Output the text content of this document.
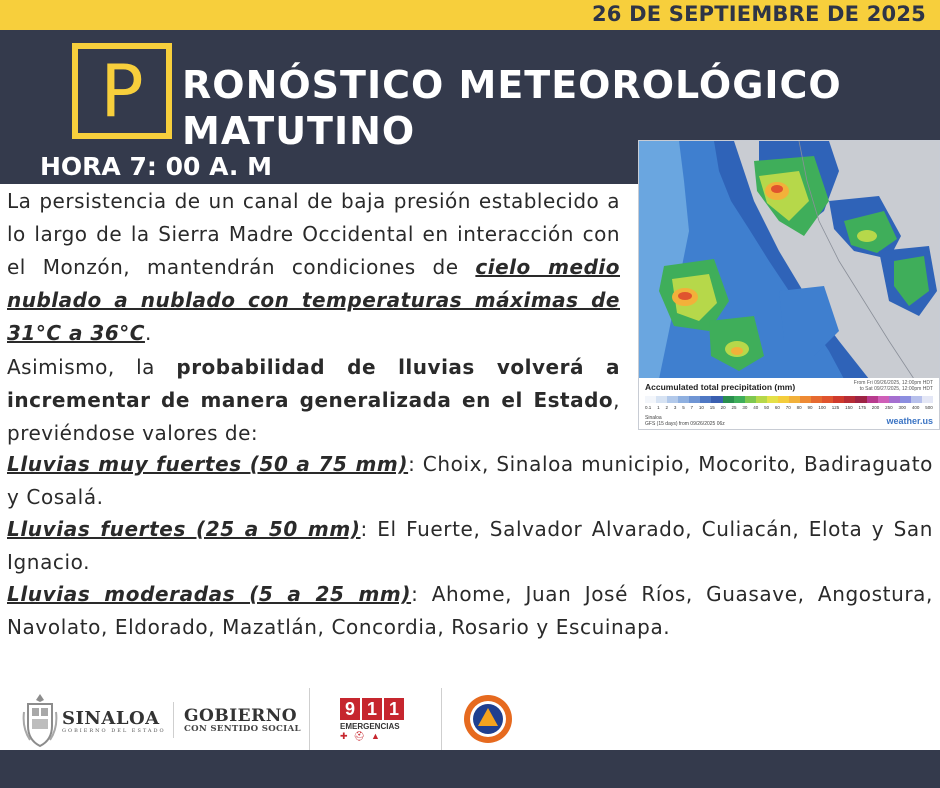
26 DE SEPTIEMBRE DE 2025
P	RONÓSTICO METEOROLÓGICO
MATUTINO
HORA 7: 00 A. M
Accumulated total precipitation (mm)	From Fri 09/26/2025, 12:00pm HDT
to Sat 09/27/2025, 12:00pm HDT
0.1 1 2 3 5 7 10 15 20 25 30 40 50 60 70 80 90 100 125 150 175 200 250 300 400 500
Sinaloa
GFS (15 days) from 09/26/2025 06z	weather.us
La persistencia de un canal de baja presión establecido a lo largo de la Sierra Madre Occidental en interacción con el Monzón, mantendrán condiciones de cielo medio nublado a nublado con temperaturas máximas de 31°C a 36°C.
Asimismo, la probabilidad de lluvias volverá a incrementar de manera generalizada en el Estado, previéndose valores de:
Lluvias muy fuertes (50 a 75 mm): Choix, Sinaloa municipio, Mocorito, Badiraguato y Cosalá.
Lluvias fuertes (25 a 50 mm): El Fuerte, Salvador Alvarado, Culiacán, Elota y San Ignacio.
Lluvias moderadas (5 a 25 mm): Ahome, Juan José Ríos, Guasave, Angostura, Navolato, Eldorado, Mazatlán, Concordia, Rosario y Escuinapa.
SINALOA
GOBIERNO DEL ESTADO
GOBIERNO
CON SENTIDO SOCIAL
9 1 1
EMERGENCIAS
✚⛑▲
